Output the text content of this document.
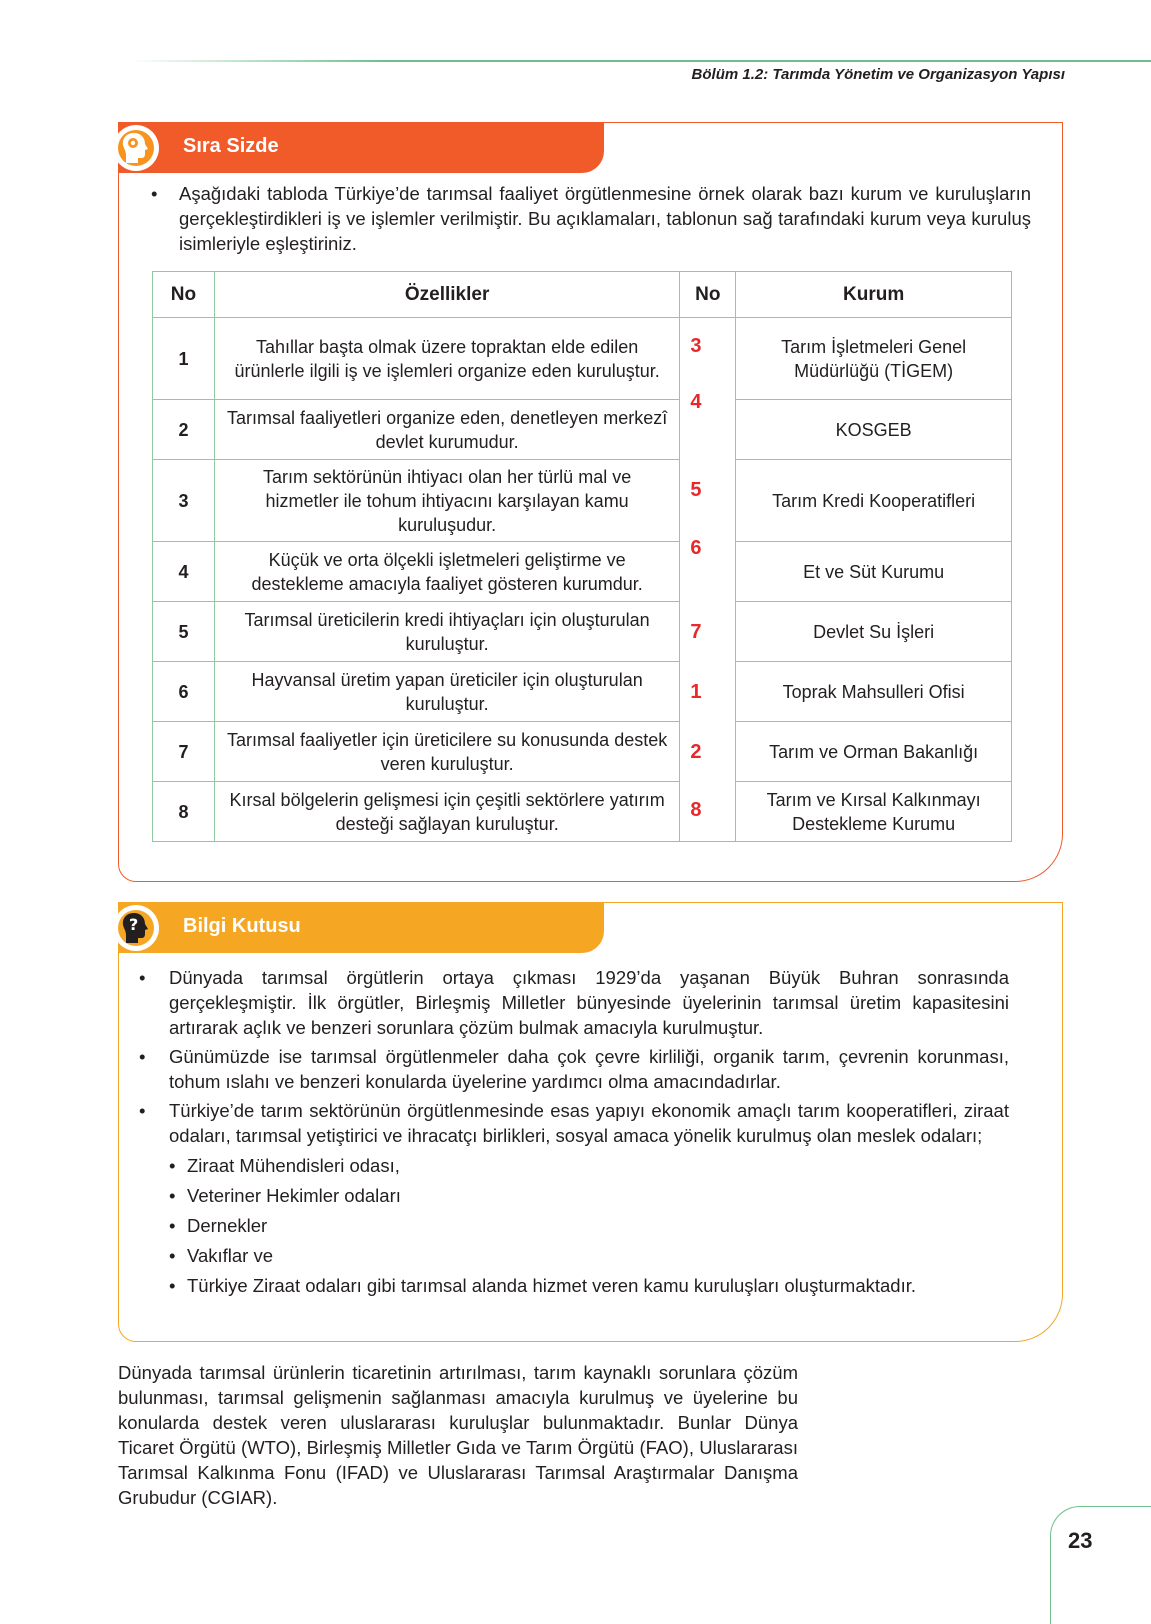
Bölüm 1.2: Tarımda Yönetim ve Organizasyon Yapısı
Sıra Sizde
• Aşağıdaki tabloda Türkiye’de tarımsal faaliyet örgütlenmesine örnek olarak bazı kurum ve kuruluşların gerçekleştirdikleri iş ve işlemler verilmiştir. Bu açıklamaları, tablonun sağ tarafındaki kurum veya kuruluş isimleriyle eşleştiriniz.
No	Özellikler	No	Kurum
1	Tahıllar başta olmak üzere topraktan elde edilen ürünlerle ilgili iş ve işlemleri organize eden kuruluştur.	3	Tarım İşletmeleri Genel Müdürlüğü (TİGEM)
2	Tarımsal faaliyetleri organize eden, denetleyen merkezî devlet kurumudur.	4	KOSGEB
3	Tarım sektörünün ihtiyacı olan her türlü mal ve hizmetler ile tohum ihtiyacını karşılayan kamu kuruluşudur.	5	Tarım Kredi Kooperatifleri
4	Küçük ve orta ölçekli işletmeleri geliştirme ve destekleme amacıyla faaliyet gösteren kurumdur.	6	Et ve Süt Kurumu
5	Tarımsal üreticilerin kredi ihtiyaçları için oluşturulan kuruluştur.	7	Devlet Su İşleri
6	Hayvansal üretim yapan üreticiler için oluşturulan kuruluştur.	1	Toprak Mahsulleri Ofisi
7	Tarımsal faaliyetler için üreticilere su konusunda destek veren kuruluştur.	2	Tarım ve Orman Bakanlığı
8	Kırsal bölgelerin gelişmesi için çeşitli sektörlere yatırım desteği sağlayan kuruluştur.	8	Tarım ve Kırsal Kalkınmayı Destekleme Kurumu
? Bilgi Kutusu
• Dünyada tarımsal örgütlerin ortaya çıkması 1929’da yaşanan Büyük Buhran sonrasında gerçekleşmiştir. İlk örgütler, Birleşmiş Milletler bünyesinde üyelerinin tarımsal üretim kapasitesini artırarak açlık ve benzeri sorunlara çözüm bulmak amacıyla kurulmuştur.
• Günümüzde ise tarımsal örgütlenmeler daha çok çevre kirliliği, organik tarım, çevrenin korunması, tohum ıslahı ve benzeri konularda üyelerine yardımcı olma amacındadırlar.
• Türkiye’de tarım sektörünün örgütlenmesinde esas yapıyı ekonomik amaçlı tarım kooperatifleri, ziraat odaları, tarımsal yetiştirici ve ihracatçı birlikleri, sosyal amaca yönelik kurulmuş olan meslek odaları;
• Ziraat Mühendisleri odası,
• Veteriner Hekimler odaları
• Dernekler
• Vakıflar ve
• Türkiye Ziraat odaları gibi tarımsal alanda hizmet veren kamu kuruluşları oluşturmaktadır.
Dünyada tarımsal ürünlerin ticaretinin artırılması, tarım kaynaklı sorunlara çözüm bulunması, tarımsal gelişmenin sağlanması amacıyla kurulmuş ve üyelerine bu konularda destek veren uluslararası kuruluşlar bulunmaktadır. Bunlar Dünya Ticaret Örgütü (WTO), Birleşmiş Milletler Gıda ve Tarım Örgütü (FAO), Uluslararası Tarımsal Kalkınma Fonu (IFAD) ve Uluslararası Tarımsal Araştırmalar Danışma Grubudur (CGIAR).
23
